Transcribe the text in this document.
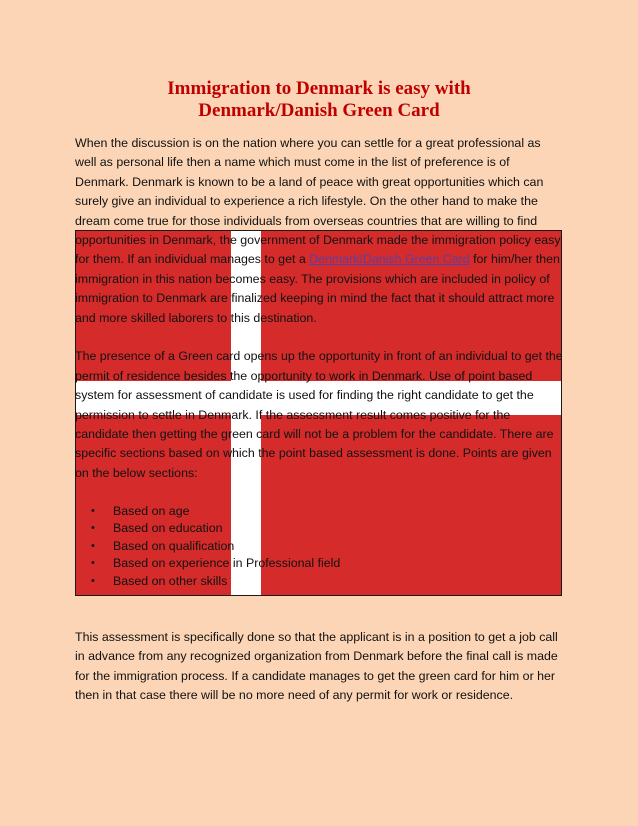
Immigration to Denmark is easy with
Denmark/Danish Green Card

When the discussion is on the nation where you can settle for a great professional as well as personal life then a name which must come in the list of preference is of Denmark. Denmark is known to be a land of peace with great opportunities which can surely give an individual to experience a rich lifestyle. On the other hand to make the dream come true for those individuals from overseas countries that are willing to find opportunities in Denmark, the government of Denmark made the immigration policy easy for them. If an individual manages to get a Denmark/Danish Green Card for him/her then immigration in this nation becomes easy. The provisions which are included in policy of immigration to Denmark are finalized keeping in mind the fact that it should attract more and more skilled laborers to this destination.

The presence of a Green card opens up the opportunity in front of an individual to get the permit of residence besides the opportunity to work in Denmark. Use of point based system for assessment of candidate is used for finding the right candidate to get the permission to settle in Denmark. If the assessment result comes positive for the candidate then getting the green card will not be a problem for the candidate. There are specific sections based on which the point based assessment is done. Points are given on the below sections:

• Based on age
• Based on education
• Based on qualification
• Based on experience in Professional field
• Based on other skills

This assessment is specifically done so that the applicant is in a position to get a job call in advance from any recognized organization from Denmark before the final call is made for the immigration process. If a candidate manages to get the green card for him or her then in that case there will be no more need of any permit for work or residence.
